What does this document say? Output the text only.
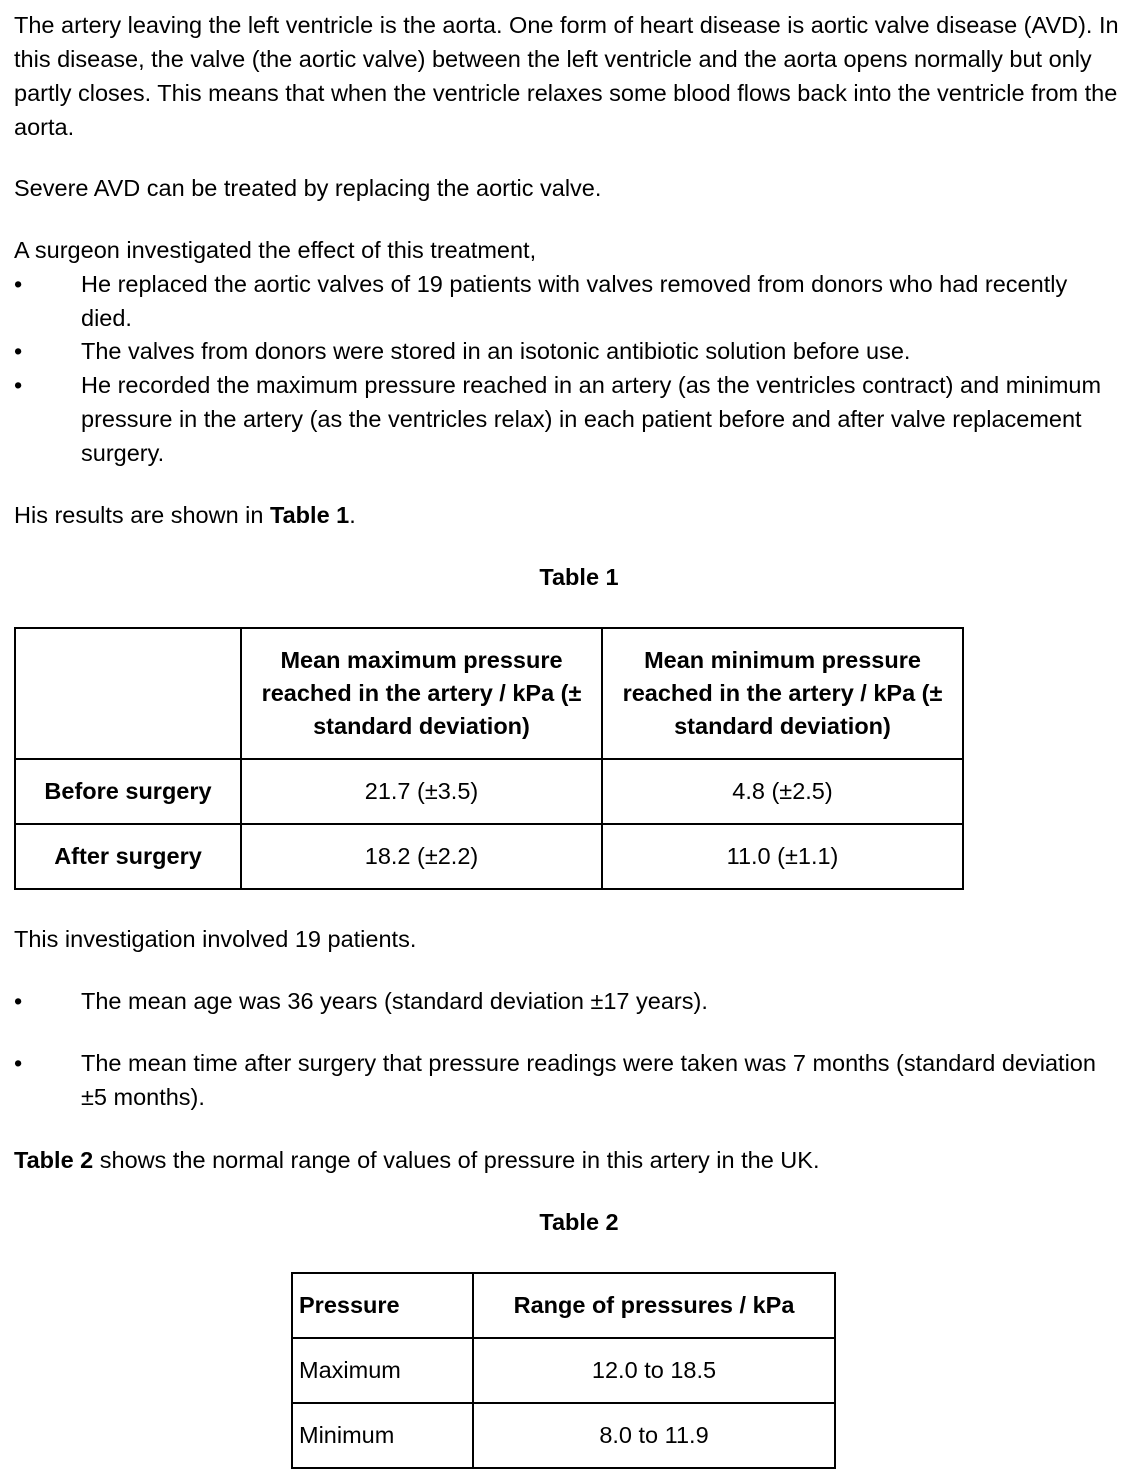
The artery leaving the left ventricle is the aorta. One form of heart disease is aortic valve disease (AVD). In this disease, the valve (the aortic valve) between the left ventricle and the aorta opens normally but only partly closes. This means that when the ventricle relaxes some blood flows back into the ventricle from the aorta.

Severe AVD can be treated by replacing the aortic valve.

A surgeon investigated the effect of this treatment,

•	He replaced the aortic valves of 19 patients with valves removed from donors who had recently died.
•	The valves from donors were stored in an isotonic antibiotic solution before use.
•	He recorded the maximum pressure reached in an artery (as the ventricles contract) and minimum pressure in the artery (as the ventricles relax) in each patient before and after valve replacement surgery.

His results are shown in Table 1.

Table 1

This investigation involved 19 patients.

•	The mean age was 36 years (standard deviation ±17 years).
•	The mean time after surgery that pressure readings were taken was 7 months (standard deviation ±5 months).

Table 2 shows the normal range of values of pressure in this artery in the UK.

Table 2
	Mean maximum pressure reached in the artery / kPa (± standard deviation)	Mean minimum pressure reached in the artery / kPa (± standard deviation)
Before surgery	21.7 (±3.5)	4.8 (±2.5)
After surgery	18.2 (±2.2)	11.0 (±1.1)
Pressure	Range of pressures / kPa
Maximum	12.0 to 18.5
Minimum	8.0 to 11.9
